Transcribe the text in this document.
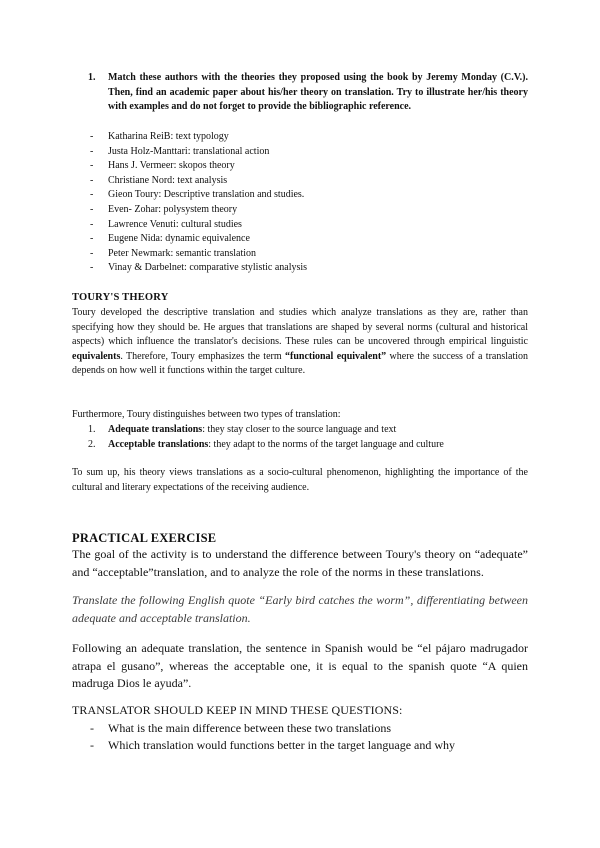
1. Match these authors with the theories they proposed using the book by Jeremy Monday (C.V.). Then, find an academic paper about his/her theory on translation. Try to illustrate her/his theory with examples and do not forget to provide the bibliographic reference.
- Katharina ReiB: text typology
- Justa Holz-Manttari: translational action
- Hans J. Vermeer: skopos theory
- Christiane Nord: text analysis
- Gieon Toury: Descriptive translation and studies.
- Even- Zohar: polysystem theory
- Lawrence Venuti: cultural studies
- Eugene Nida: dynamic equivalence
- Peter Newmark: semantic translation
- Vinay & Darbelnet: comparative stylistic analysis
TOURY'S THEORY

Toury developed the descriptive translation and studies which analyze translations as they are, rather than specifying how they should be. He argues that translations are shaped by several norms (cultural and historical aspects) which influence the translator's decisions. These rules can be uncovered through empirical linguistic equivalents. Therefore, Toury emphasizes the term “functional equivalent” where the success of a translation depends on how well it functions within the target culture.

Furthermore, Toury distinguishes between two types of translation:

1. Adequate translations: they stay closer to the source language and text
2. Acceptable translations: they adapt to the norms of the target language and culture

To sum up, his theory views translations as a socio-cultural phenomenon, highlighting the importance of the cultural and literary expectations of the receiving audience.

PRACTICAL EXERCISE

The goal of the activity is to understand the difference between Toury's theory on “adequate” and “acceptable”translation, and to analyze the role of the norms in these translations.

Translate the following English quote “Early bird catches the worm”, differentiating between adequate and acceptable translation.

Following an adequate translation, the sentence in Spanish would be “el pájaro madrugador atrapa el gusano”, whereas the acceptable one, it is equal to the spanish quote “A quien madruga Dios le ayuda”.

TRANSLATOR SHOULD KEEP IN MIND THESE QUESTIONS:
- What is the main difference between these two translations
- Which translation would functions better in the target language and why
